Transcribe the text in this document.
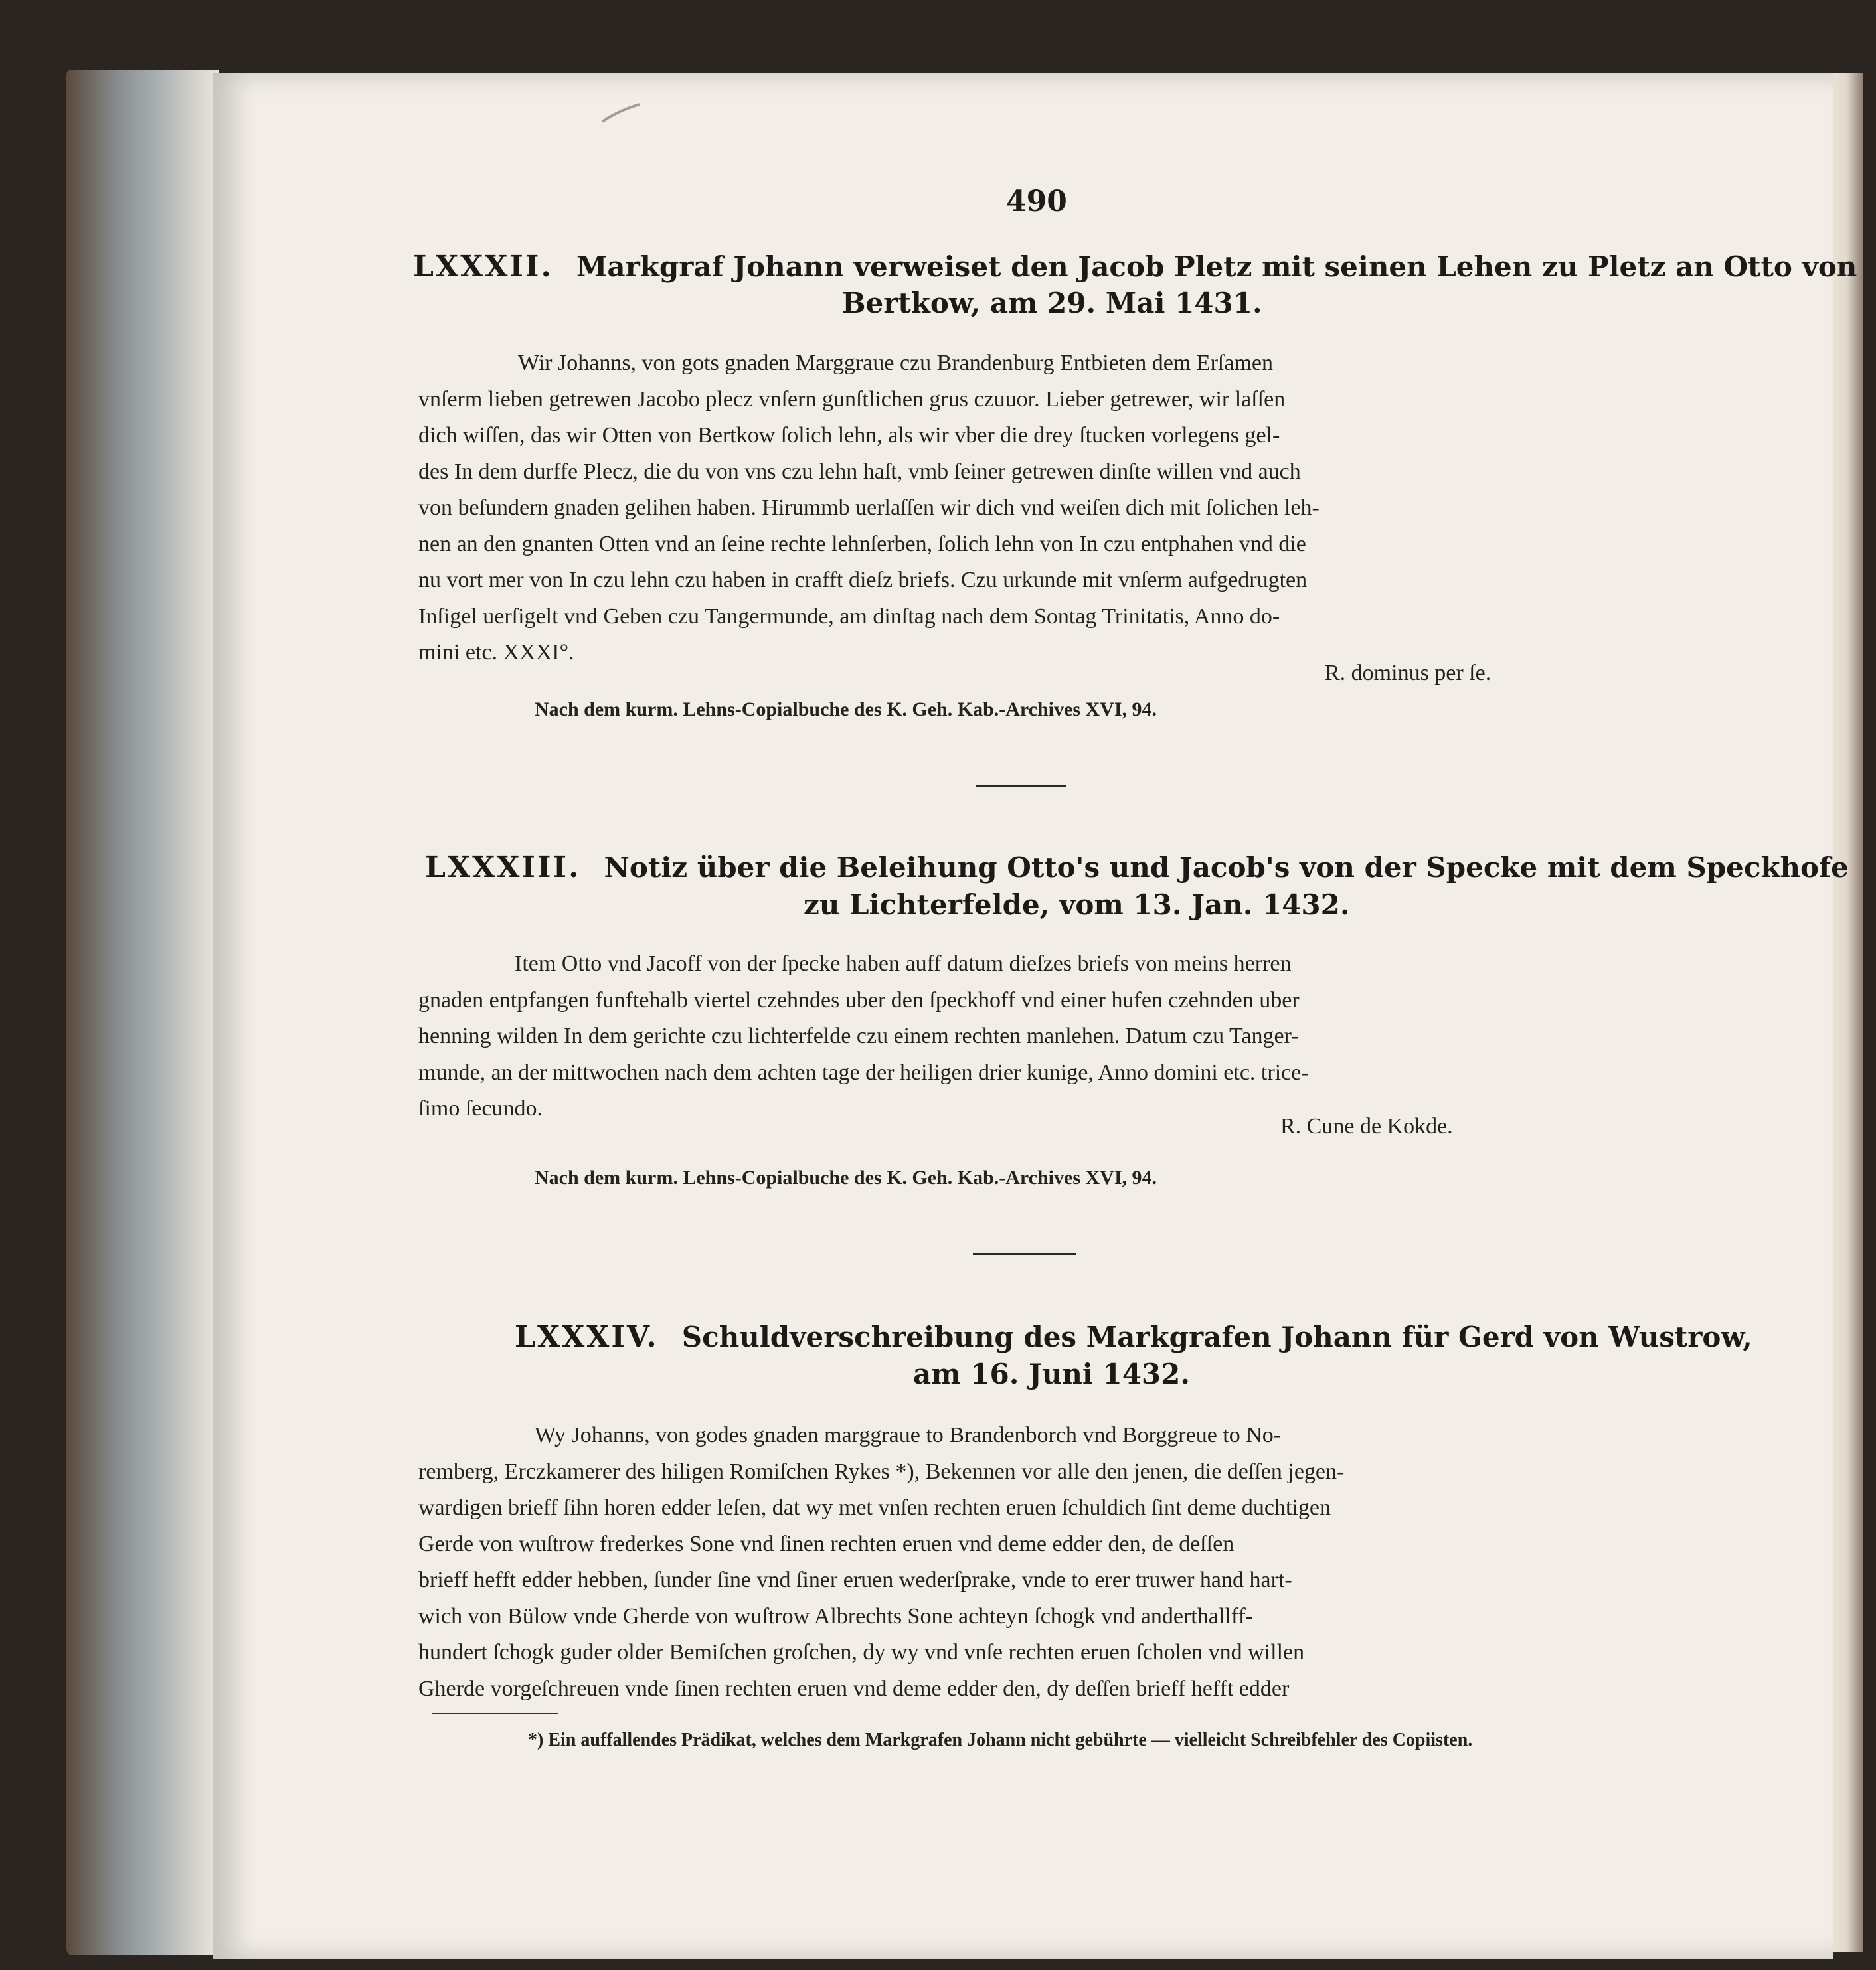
490
LXXXII. Markgraf Johann verweiset den Jacob Pletz mit seinen Lehen zu Pletz an Otto von
Bertkow, am 29. Mai 1431.
Wir Johanns, von gots gnaden Marggraue czu Brandenburg Entbieten dem Erſamen
vnſerm lieben getrewen Jacobo plecz vnſern gunſtlichen grus czuuor. Lieber getrewer, wir laſſen
dich wiſſen, das wir Otten von Bertkow ſolich lehn, als wir vber die drey ſtucken vorlegens gel-
des In dem durffe Plecz, die du von vns czu lehn haſt, vmb ſeiner getrewen dinſte willen vnd auch
von beſundern gnaden gelihen haben. Hirummb uerlaſſen wir dich vnd weiſen dich mit ſolichen leh-
nen an den gnanten Otten vnd an ſeine rechte lehnſerben, ſolich lehn von In czu entphahen vnd die
nu vort mer von In czu lehn czu haben in crafft dieſz briefs. Czu urkunde mit vnſerm aufgedrugten
Inſigel uerſigelt vnd Geben czu Tangermunde, am dinſtag nach dem Sontag Trinitatis, Anno do-
mini etc. XXXI°.
R. dominus per ſe.
Nach dem kurm. Lehns-Copialbuche des K. Geh. Kab.-Archives XVI, 94.
LXXXIII. Notiz über die Beleihung Otto's und Jacob's von der Specke mit dem Speckhofe
zu Lichterfelde, vom 13. Jan. 1432.
Item Otto vnd Jacoff von der ſpecke haben auff datum dieſzes briefs von meins herren
gnaden entpfangen funftehalb viertel czehndes uber den ſpeckhoff vnd einer hufen czehnden uber
henning wilden In dem gerichte czu lichterfelde czu einem rechten manlehen. Datum czu Tanger-
munde, an der mittwochen nach dem achten tage der heiligen drier kunige, Anno domini etc. trice-
ſimo ſecundo.
R. Cune de Kokde.
Nach dem kurm. Lehns-Copialbuche des K. Geh. Kab.-Archives XVI, 94.
LXXXIV. Schuldverschreibung des Markgrafen Johann für Gerd von Wustrow,
am 16. Juni 1432.
Wy Johanns, von godes gnaden marggraue to Brandenborch vnd Borggreue to No-
remberg, Erczkamerer des hiligen Romiſchen Rykes *), Bekennen vor alle den jenen, die deſſen jegen-
wardigen brieff ſihn horen edder leſen, dat wy met vnſen rechten eruen ſchuldich ſint deme duchtigen
Gerde von wuſtrow frederkes Sone vnd ſinen rechten eruen vnd deme edder den, de deſſen
brieff hefft edder hebben, ſunder ſine vnd ſiner eruen wederſprake, vnde to erer truwer hand hart-
wich von Bülow vnde Gherde von wuſtrow Albrechts Sone achteyn ſchogk vnd anderthallff-
hundert ſchogk guder older Bemiſchen groſchen, dy wy vnd vnſe rechten eruen ſcholen vnd willen
Gherde vorgeſchreuen vnde ſinen rechten eruen vnd deme edder den, dy deſſen brieff hefft edder
*) Ein auffallendes Prädikat, welches dem Markgrafen Johann nicht gebührte — vielleicht Schreibfehler des Copiisten.
